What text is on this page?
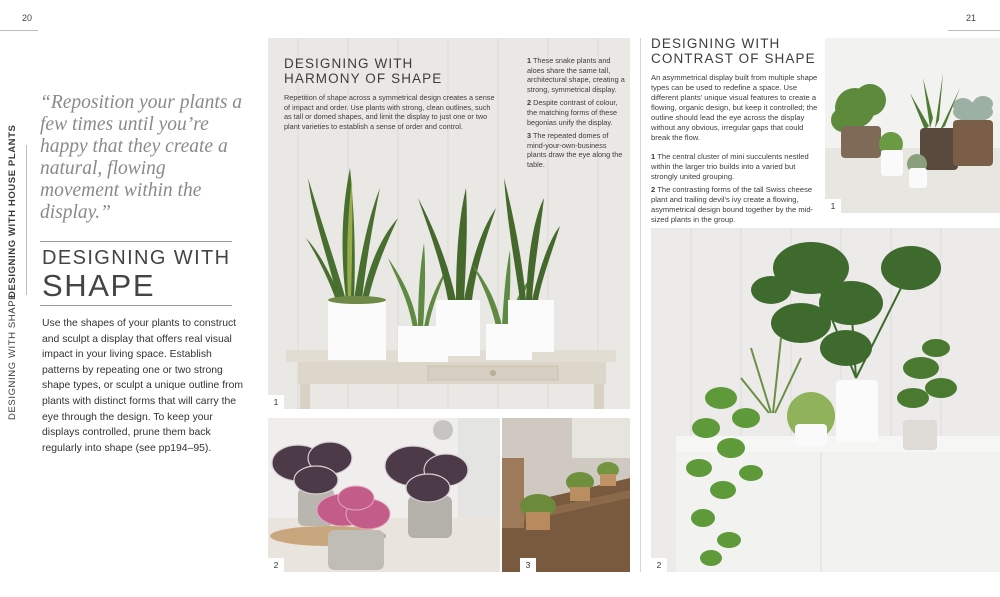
20	21
DESIGNING WITH SHAPE
DESIGNING WITH HOUSE PLANTS
“Reposition your plants a few times until you’re happy that they create a natural, flowing movement within the display.”
DESIGNING WITH
SHAPE
Use the shapes of your plants to construct and sculpt a display that offers real visual impact in your living space. Establish patterns by repeating one or two strong shape types, or sculpt a unique outline from plants with distinct forms that will carry the eye through the design. To keep your displays controlled, prune them back regularly into shape (see pp194–95).
1
DESIGNING WITH
HARMONY OF SHAPE
Repetition of shape across a symmetrical design creates a sense of impact and order. Use plants with strong, clean outlines, such as tall or domed shapes, and limit the display to just one or two plant varieties to establish a sense of order and control.

1 These snake plants and aloes share the same tall, architectural shape, creating a strong, symmetrical display.

2 Despite contrast of colour, the matching forms of these begonias unify the display.

3 The repeated domes of mind-your-own-business plants draw the eye along the table.

2	3
DESIGNING WITH
CONTRAST OF SHAPE
An asymmetrical display built from multiple shape types can be used to redefine a space. Use different plants’ unique visual features to create a flowing, organic design, but keep it controlled; the outline should lead the eye across the display without any obvious, irregular gaps that could break the flow.

1 The central cluster of mini succulents nestled within the larger trio builds into a varied but strongly united grouping.

2 The contrasting forms of the tall Swiss cheese plant and trailing devil’s ivy create a flowing, asymmetrical design bound together by the mid-sized plants in the group.

1
2
